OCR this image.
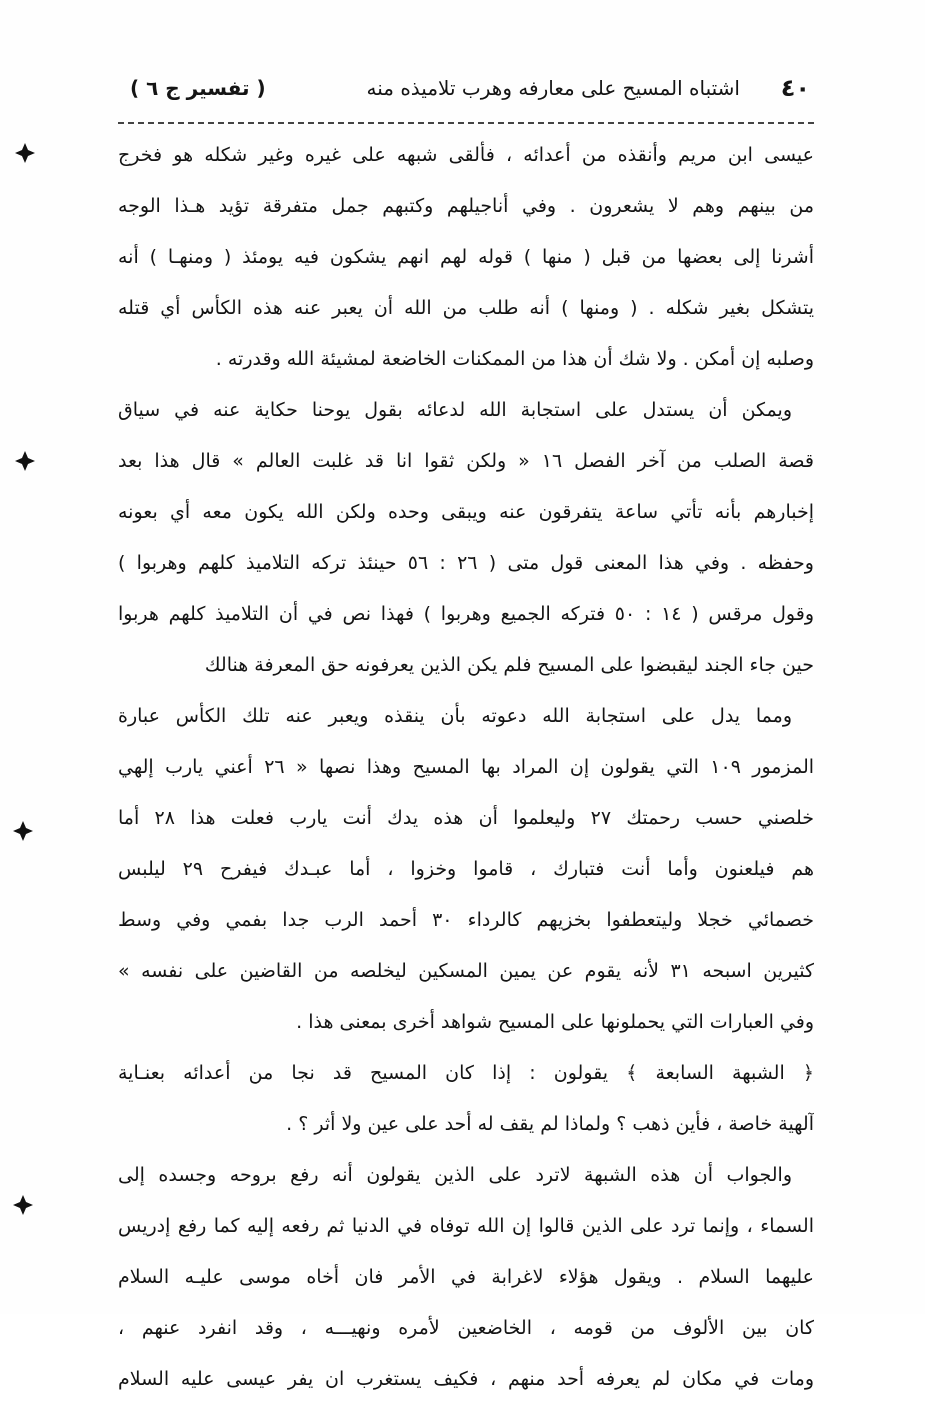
٤٠
اشتباه المسيح على معارفه وهرب تلاميذه منه
( تفسير ج ٦ )
عيسى ابن مريم وأنقذه من أعدائه ، فألقى شبهه على غيره وغير شكله هو فخرج
من بينهم وهم لا يشعرون . وفي أناجيلهم وكتبهم جمل متفرقة تؤيد هـذا الوجه
أشرنا إلى بعضها من قبل ( منها ) قوله لهم انهم يشكون فيه يومئذ ( ومنهـا ) أنه
يتشكل بغير شكله . ( ومنها ) أنه طلب من الله أن يعبر عنه هذه الكأس أي قتله
وصلبه إن أمكن . ولا شك أن هذا من الممكنات الخاضعة لمشيئة الله وقدرته .
ويمكن أن يستدل على استجابة الله لدعائه بقول يوحنا حكاية عنه في سياق
قصة الصلب من آخر الفصل ١٦ « ولكن ثقوا انا قد غلبت العالم » قال هذا بعد
إخبارهم بأنه تأتي ساعة يتفرقون عنه ويبقى وحده ولكن الله يكون معه أي بعونه
وحفظه . وفي هذا المعنى قول متى ( ٢٦ : ٥٦ حينئذ تركه التلاميذ كلهم وهربوا )
وقول مرقس ( ١٤ : ٥٠ فتركه الجميع وهربوا ) فهذا نص في أن التلاميذ كلهم هربوا
حين جاء الجند ليقبضوا على المسيح فلم يكن الذين يعرفونه حق المعرفة هنالك
ومما يدل على استجابة الله دعوته بأن ينقذه ويعبر عنه تلك الكأس عبارة
المزمور ١٠٩ التي يقولون إن المراد بها المسيح وهذا نصها « ٢٦ أعني يارب إلهي
خلصني حسب رحمتك ٢٧ وليعلموا أن هذه يدك أنت يارب فعلت هذا ٢٨ أما
هم فيلعنون وأما أنت فتبارك ، قاموا وخزوا ، أما عبـدك فيفرح ٢٩ ليلبس
خصمائي خجلا وليتعطفوا بخزيهم كالرداء ٣٠ أحمد الرب جدا بفمي وفي وسط
كثيرين اسبحه ٣١ لأنه يقوم عن يمين المسكين ليخلصه من القاضين على نفسه »
وفي العبارات التي يحملونها على المسيح شواهد أخرى بمعنى هذا .
﴿ الشبهة السابعة ﴾ يقولون : إذا كان المسيح قد نجا من أعدائه بعنـاية
آلهية خاصة ، فأين ذهب ؟ ولماذا لم يقف له أحد على عين ولا أثر ؟ .
والجواب أن هذه الشبهة لاترد على الذين يقولون أنه رفع بروحه وجسده إلى
السماء ، وإنما ترد على الذين قالوا إن الله توفاه في الدنيا ثم رفعه إليه كما رفع إدريس
عليهما السلام . ويقول هؤلاء لاغرابة في الأمر فان أخاه موسى عليـه السلام
كان بين الألوف من قومه ، الخاضعين لأمره ونهيـــه ، وقد انفرد عنهم ،
ومات في مكان لم يعرفه أحد منهم ، فكيف يستغرب ان يفر عيسى عليه السلام
